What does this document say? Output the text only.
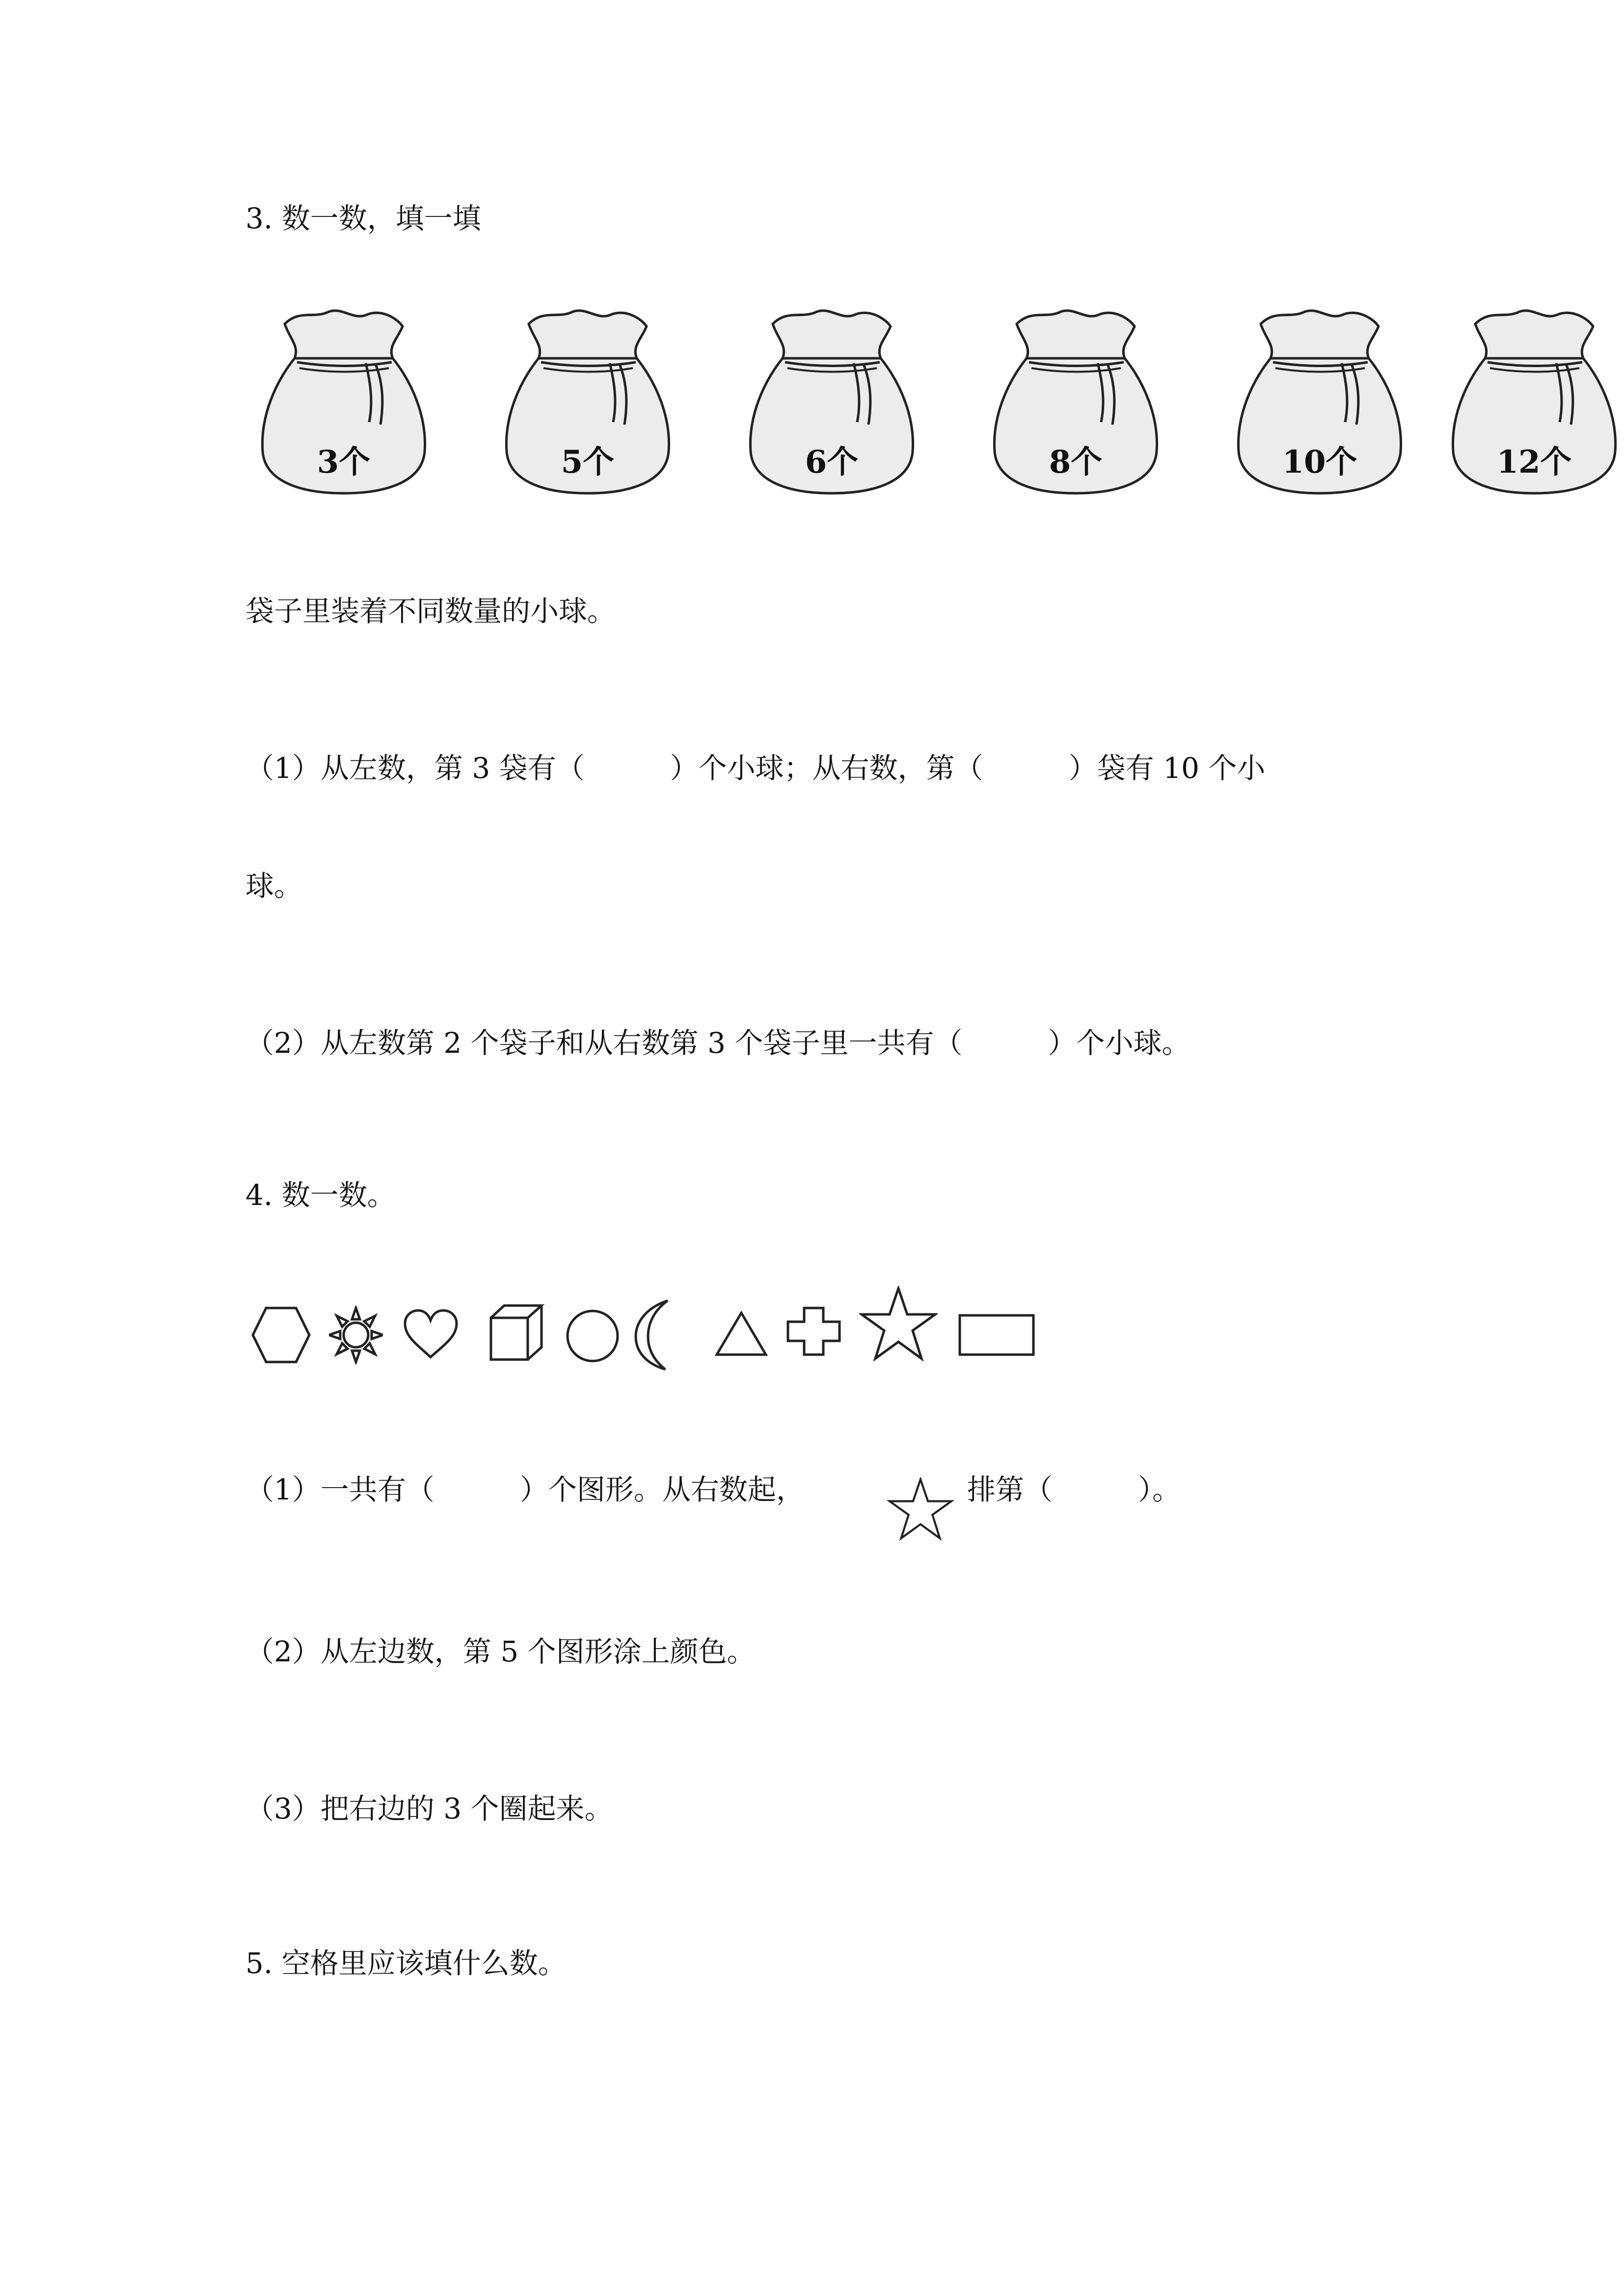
3. 数一数，填一填
3个	5个	6个	8个	10个	12个
袋子里装着不同数量的小球。
（1）从左数，第 3 袋有（　　　）个小球；从右数，第（　　　）袋有 10 个小
球。
（2）从左数第 2 个袋子和从右数第 3 个袋子里一共有（　　　）个小球。
4. 数一数。
（1）一共有（　　　）个图形。从右数起，	排第（　　　）。
（2）从左边数，第 5 个图形涂上颜色。
（3）把右边的 3 个圈起来。
5. 空格里应该填什么数。
